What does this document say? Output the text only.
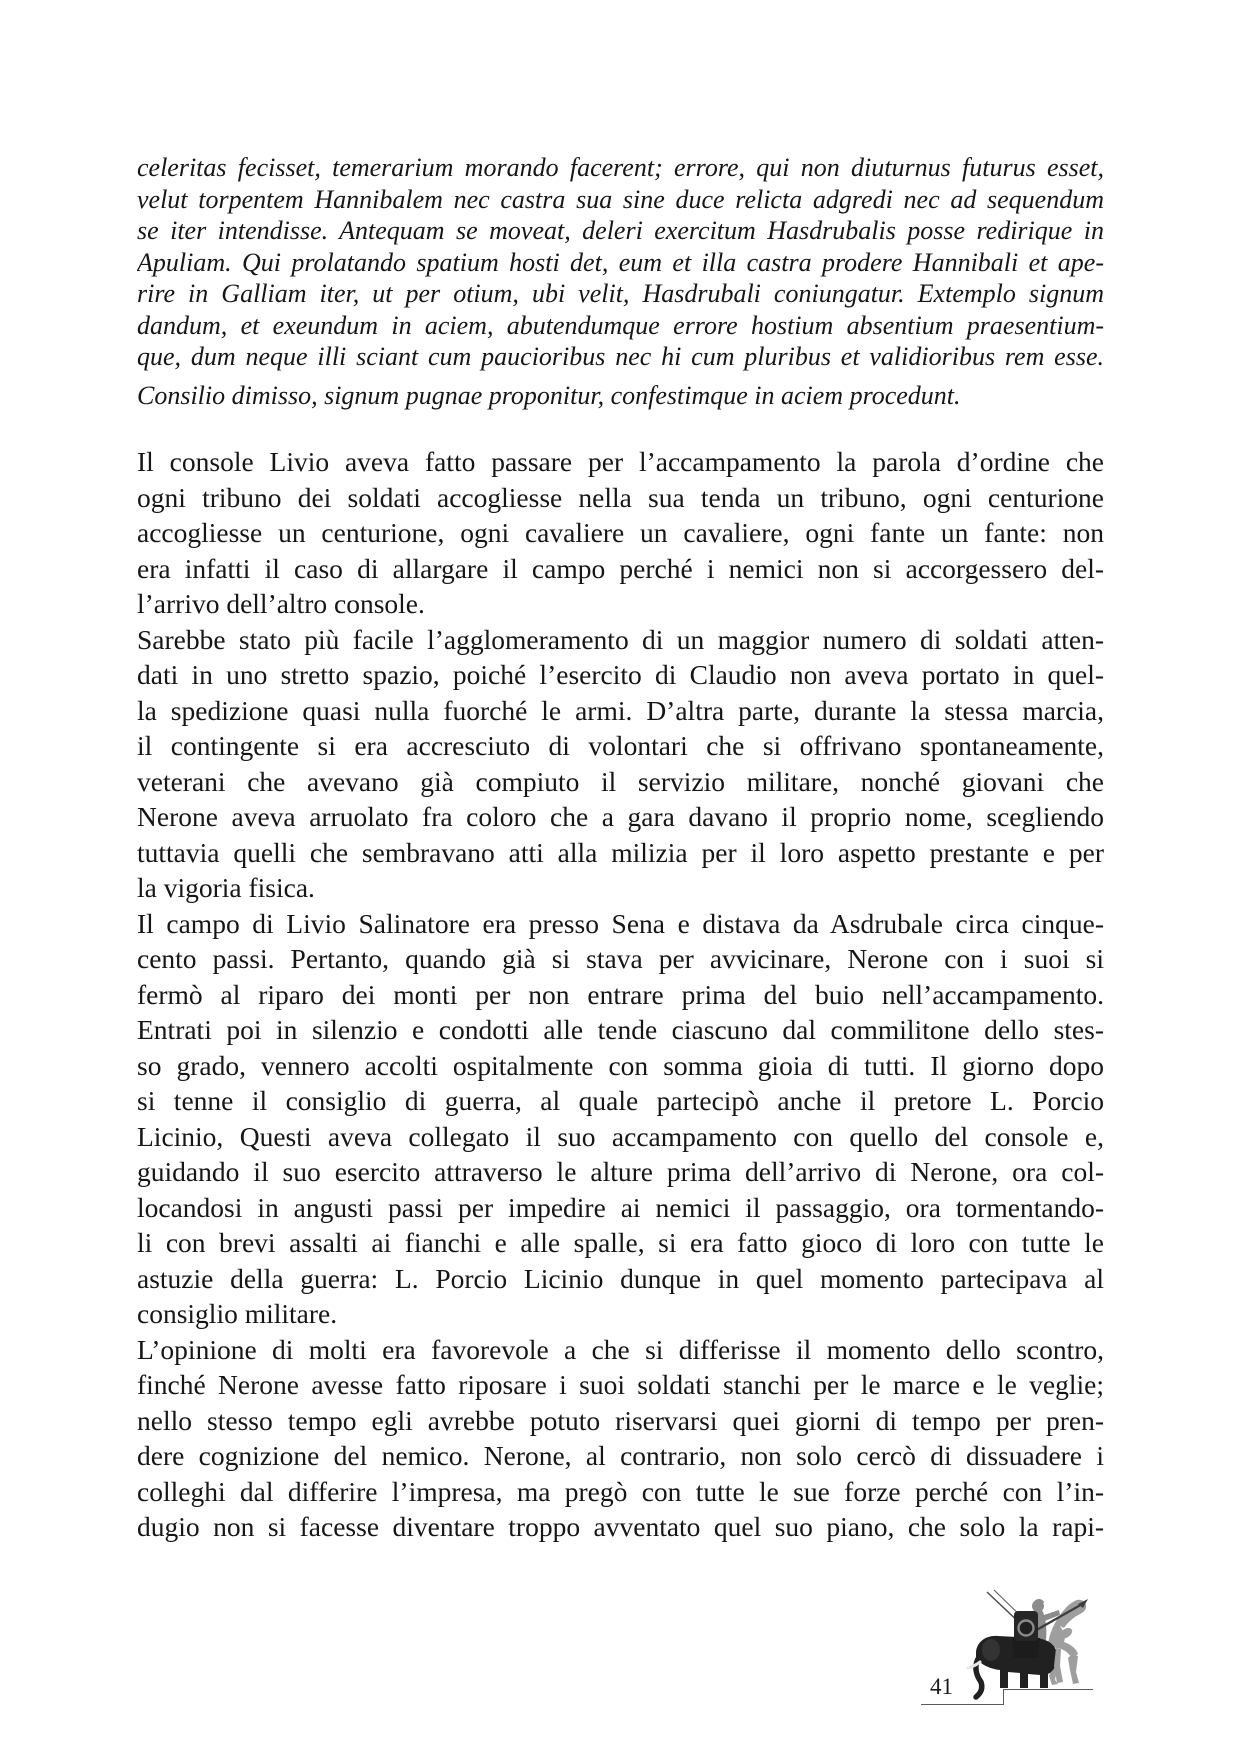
celeritas fecisset, temerarium morando facerent; errore, qui non diuturnus futurus esset,
velut torpentem Hannibalem nec castra sua sine duce relicta adgredi nec ad sequendum
se iter intendisse. Antequam se moveat, deleri exercitum Hasdrubalis posse redirique in
Apuliam. Qui prolatando spatium hosti det, eum et illa castra prodere Hannibali et ape-
rire in Galliam iter, ut per otium, ubi velit, Hasdrubali coniungatur. Extemplo signum
dandum, et exeundum in aciem, abutendumque errore hostium absentium praesentium-
que, dum neque illi sciant cum paucioribus nec hi cum pluribus et validioribus rem esse.
Consilio dimisso, signum pugnae proponitur, confestimque in aciem procedunt.
Il console Livio aveva fatto passare per l’accampamento la parola d’ordine che
ogni tribuno dei soldati accogliesse nella sua tenda un tribuno, ogni centurione
accogliesse un centurione, ogni cavaliere un cavaliere, ogni fante un fante: non
era infatti il caso di allargare il campo perché i nemici non si accorgessero del-
l’arrivo dell’altro console.
Sarebbe stato più facile l’agglomeramento di un maggior numero di soldati atten-
dati in uno stretto spazio, poiché l’esercito di Claudio non aveva portato in quel-
la spedizione quasi nulla fuorché le armi. D’altra parte, durante la stessa marcia,
il contingente si era accresciuto di volontari che si offrivano spontaneamente,
veterani che avevano già compiuto il servizio militare, nonché giovani che
Nerone aveva arruolato fra coloro che a gara davano il proprio nome, scegliendo
tuttavia quelli che sembravano atti alla milizia per il loro aspetto prestante e per
la vigoria fisica.
Il campo di Livio Salinatore era presso Sena e distava da Asdrubale circa cinque-
cento passi. Pertanto, quando già si stava per avvicinare, Nerone con i suoi si
fermò al riparo dei monti per non entrare prima del buio nell’accampamento.
Entrati poi in silenzio e condotti alle tende ciascuno dal commilitone dello stes-
so grado, vennero accolti ospitalmente con somma gioia di tutti. Il giorno dopo
si tenne il consiglio di guerra, al quale partecipò anche il pretore L. Porcio
Licinio, Questi aveva collegato il suo accampamento con quello del console e,
guidando il suo esercito attraverso le alture prima dell’arrivo di Nerone, ora col-
locandosi in angusti passi per impedire ai nemici il passaggio, ora tormentando-
li con brevi assalti ai fianchi e alle spalle, si era fatto gioco di loro con tutte le
astuzie della guerra: L. Porcio Licinio dunque in quel momento partecipava al
consiglio militare.
L’opinione di molti era favorevole a che si differisse il momento dello scontro,
finché Nerone avesse fatto riposare i suoi soldati stanchi per le marce e le veglie;
nello stesso tempo egli avrebbe potuto riservarsi quei giorni di tempo per pren-
dere cognizione del nemico. Nerone, al contrario, non solo cercò di dissuadere i
colleghi dal differire l’impresa, ma pregò con tutte le sue forze perché con l’in-
dugio non si facesse diventare troppo avventato quel suo piano, che solo la rapi-
41
